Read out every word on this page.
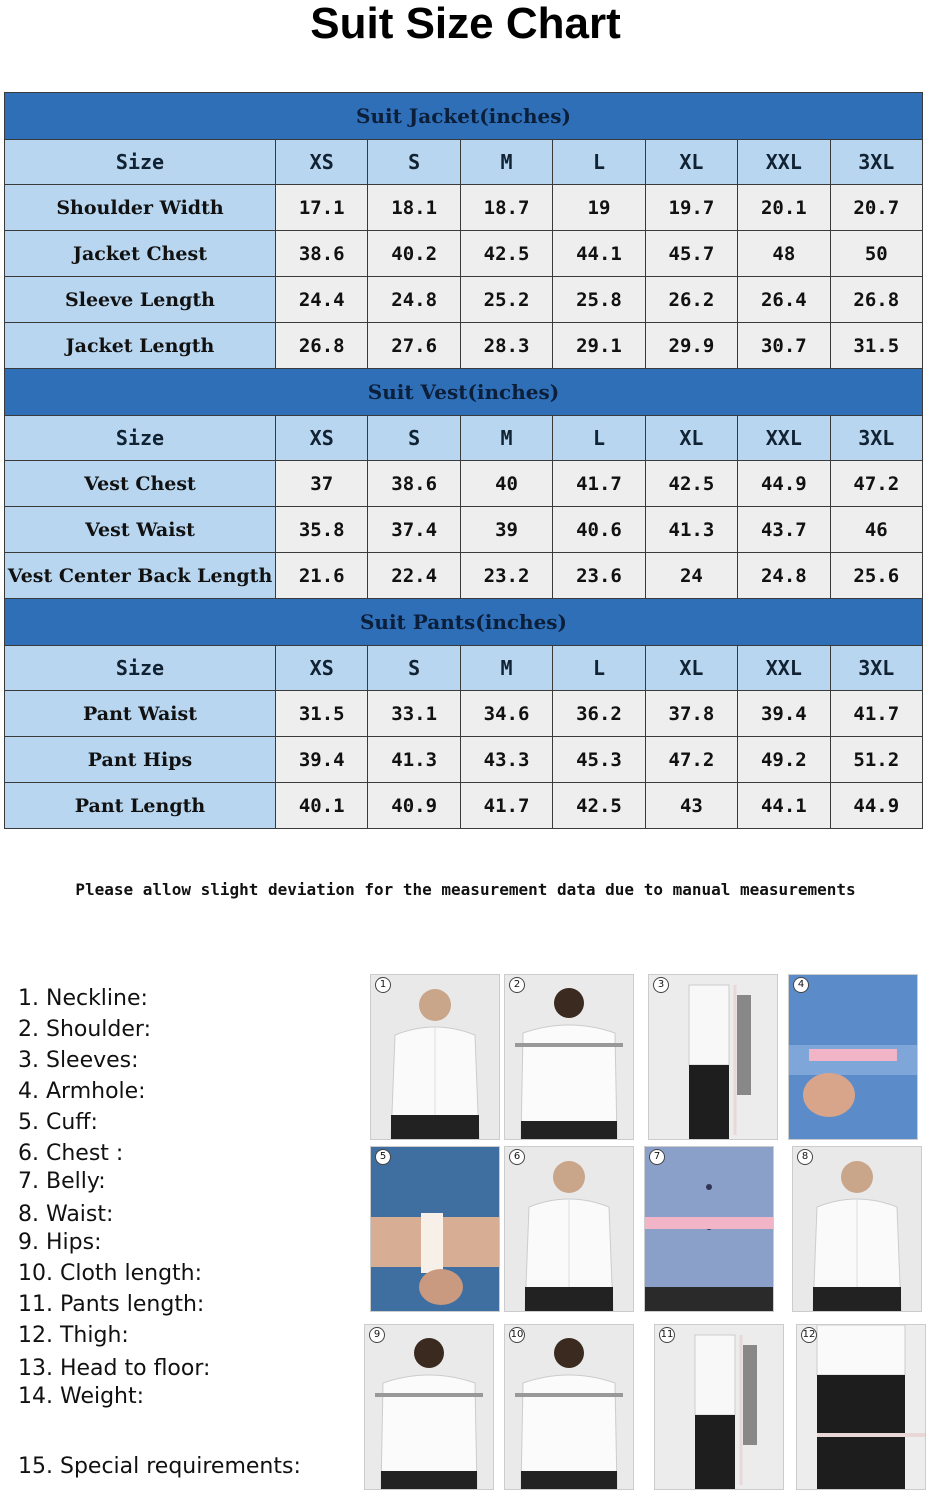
Suit Size Chart
Suit Jacket(inches)							
Size	XS	S	M	L	XL	XXL	3XL
Shoulder Width	17.1	18.1	18.7	19	19.7	20.1	20.7
Jacket Chest	38.6	40.2	42.5	44.1	45.7	48	50
Sleeve Length	24.4	24.8	25.2	25.8	26.2	26.4	26.8
Jacket Length	26.8	27.6	28.3	29.1	29.9	30.7	31.5
Suit Vest(inches)							
Size	XS	S	M	L	XL	XXL	3XL
Vest Chest	37	38.6	40	41.7	42.5	44.9	47.2
Vest Waist	35.8	37.4	39	40.6	41.3	43.7	46
Vest Center Back Length	21.6	22.4	23.2	23.6	24	24.8	25.6
Suit Pants(inches)							
Size	XS	S	M	L	XL	XXL	3XL
Pant Waist	31.5	33.1	34.6	36.2	37.8	39.4	41.7
Pant Hips	39.4	41.3	43.3	45.3	47.2	49.2	51.2
Pant Length	40.1	40.9	41.7	42.5	43	44.1	44.9
Please allow slight deviation for the measurement data due to manual measurements
1. Neckline:
2. Shoulder:
3. Sleeves:
4. Armhole:
5. Cuff:
6. Chest :
7. Belly:
8. Waist:
9. Hips:
10. Cloth length:
11. Pants length:
12. Thigh:
13. Head to floor:
14. Weight:
15. Special requirements:
1	2	3	4
5	6	7	8
9	10	11	12
